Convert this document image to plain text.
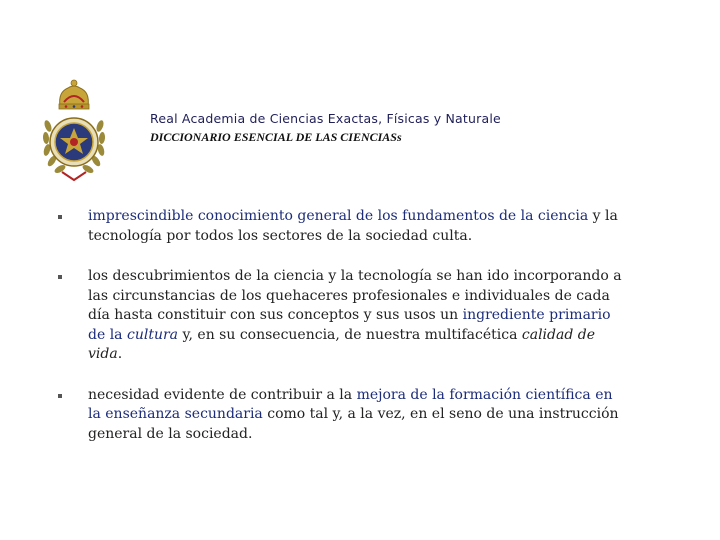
Real Academia de Ciencias Exactas, Físicas y Naturale

DICCIONARIO ESENCIAL DE LAS CIENCIASs

imprescindible conocimiento general de los fundamentos de la ciencia y la tecnología por todos los sectores de la sociedad culta.
los descubrimientos de la ciencia y la tecnología se han ido incorporando a las circunstancias de los quehaceres profesionales e individuales de cada día hasta constituir con sus conceptos y sus usos un ingrediente primario de la cultura y, en su consecuencia, de nuestra multifacética calidad de vida.
necesidad evidente de contribuir a la mejora de la formación científica en la enseñanza secundaria como tal y, a la vez, en el seno de una instrucción general de la sociedad.
